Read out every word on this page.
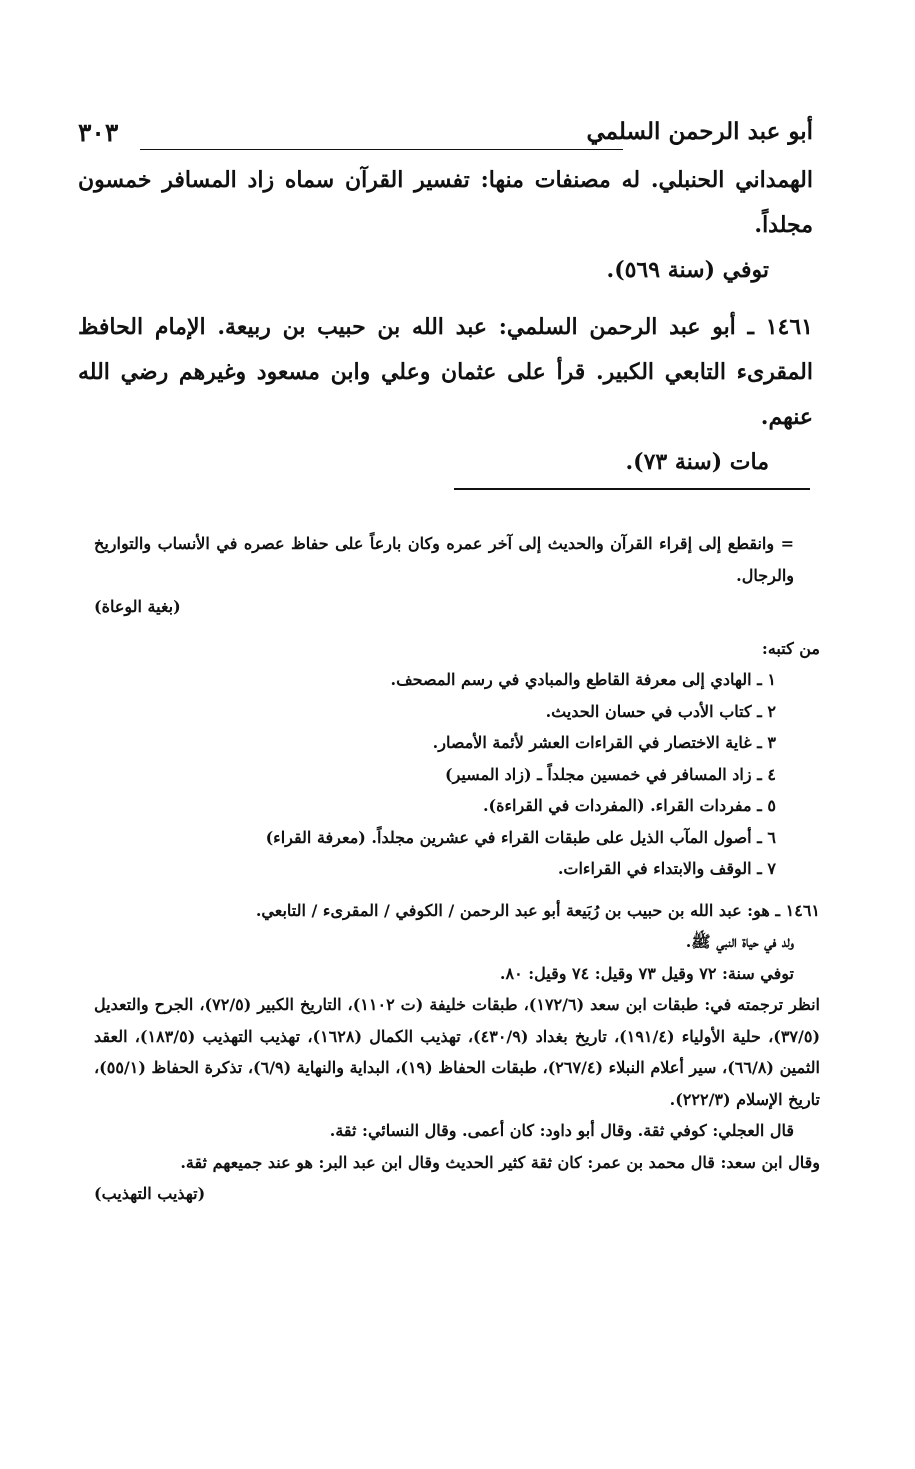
أبو عبد الرحمن السلمي
٣٠٣

الهمداني الحنبلي. له مصنفات منها: تفسير القرآن سماه زاد المسافر خمسون مجلداً.

توفي (سنة ٥٦٩).

١٤٦١ ـ أبو عبد الرحمن السلمي: عبد الله بن حبيب بن ربيعة. الإمام الحافظ المقرىء التابعي الكبير. قرأ على عثمان وعلي وابن مسعود وغيرهم رضي الله عنهم.

مات (سنة ٧٣).

= وانقطع إلى إقراء القرآن والحديث إلى آخر عمره وكان بارعاً على حفاظ عصره في الأنساب والتواريخ والرجال.

(بغية الوعاة)

من كتبه:

١ ـ الهادي إلى معرفة القاطع والمبادي في رسم المصحف.
٢ ـ كتاب الأدب في حسان الحديث.
٣ ـ غاية الاختصار في القراءات العشر لأئمة الأمصار.
٤ ـ زاد المسافر في خمسين مجلداً ـ (زاد المسير)
٥ ـ مفردات القراء. (المفردات في القراءة).
٦ ـ أصول المآب الذيل على طبقات القراء في عشرين مجلداً. (معرفة القراء)
٧ ـ الوقف والابتداء في القراءات.

١٤٦١ ـ هو: عبد الله بن حبيب بن رُبَيعة أبو عبد الرحمن / الكوفي / المقرىء / التابعي.

ولد في حياة النبي ﷺ.

توفي سنة: ٧٢ وقيل ٧٣ وقيل: ٧٤ وقيل: ٨٠.

انظر ترجمته في: طبقات ابن سعد (١٧٢/٦)، طبقات خليفة (ت ١١٠٢)، التاريخ الكبير (٧٢/٥)، الجرح والتعديل (٣٧/٥)، حلية الأولياء (١٩١/٤)، تاريخ بغداد (٤٣٠/٩)، تهذيب الكمال (١٦٢٨)، تهذيب التهذيب (١٨٣/٥)، العقد الثمين (٦٦/٨)، سير أعلام النبلاء (٢٦٧/٤)، طبقات الحفاظ (١٩)، البداية والنهاية (٦/٩)، تذكرة الحفاظ (٥٥/١)، تاريخ الإسلام (٢٢٢/٣).

قال العجلي: كوفي ثقة. وقال أبو داود: كان أعمى. وقال النسائي: ثقة.

وقال ابن سعد: قال محمد بن عمر: كان ثقة كثير الحديث وقال ابن عبد البر: هو عند جميعهم ثقة.

(تهذيب التهذيب)
